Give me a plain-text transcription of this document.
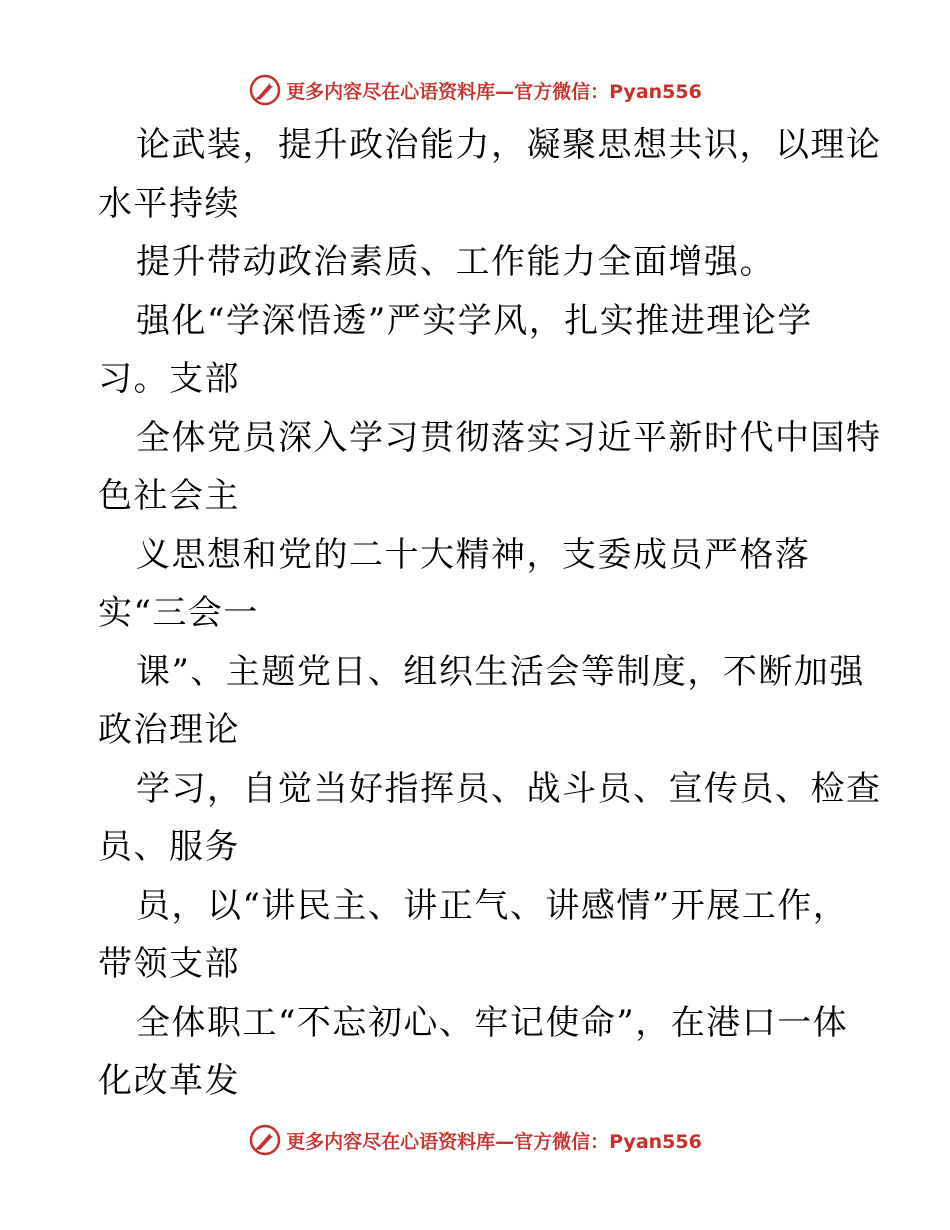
更多内容尽在心语资料库—官方微信：Pyan556
论武装，提升政治能力，凝聚思想共识，以理论
水平持续
提升带动政治素质、工作能力全面增强。
强化“学深悟透”严实学风，扎实推进理论学
习。支部
全体党员深入学习贯彻落实习近平新时代中国特
色社会主
义思想和党的二十大精神，支委成员严格落
实“三会一
课”、主题党日、组织生活会等制度，不断加强
政治理论
学习，自觉当好指挥员、战斗员、宣传员、检查
员、服务
员，以“讲民主、讲正气、讲感情”开展工作，
带领支部
全体职工“不忘初心、牢记使命”，在港口一体
化改革发
更多内容尽在心语资料库—官方微信：Pyan556
